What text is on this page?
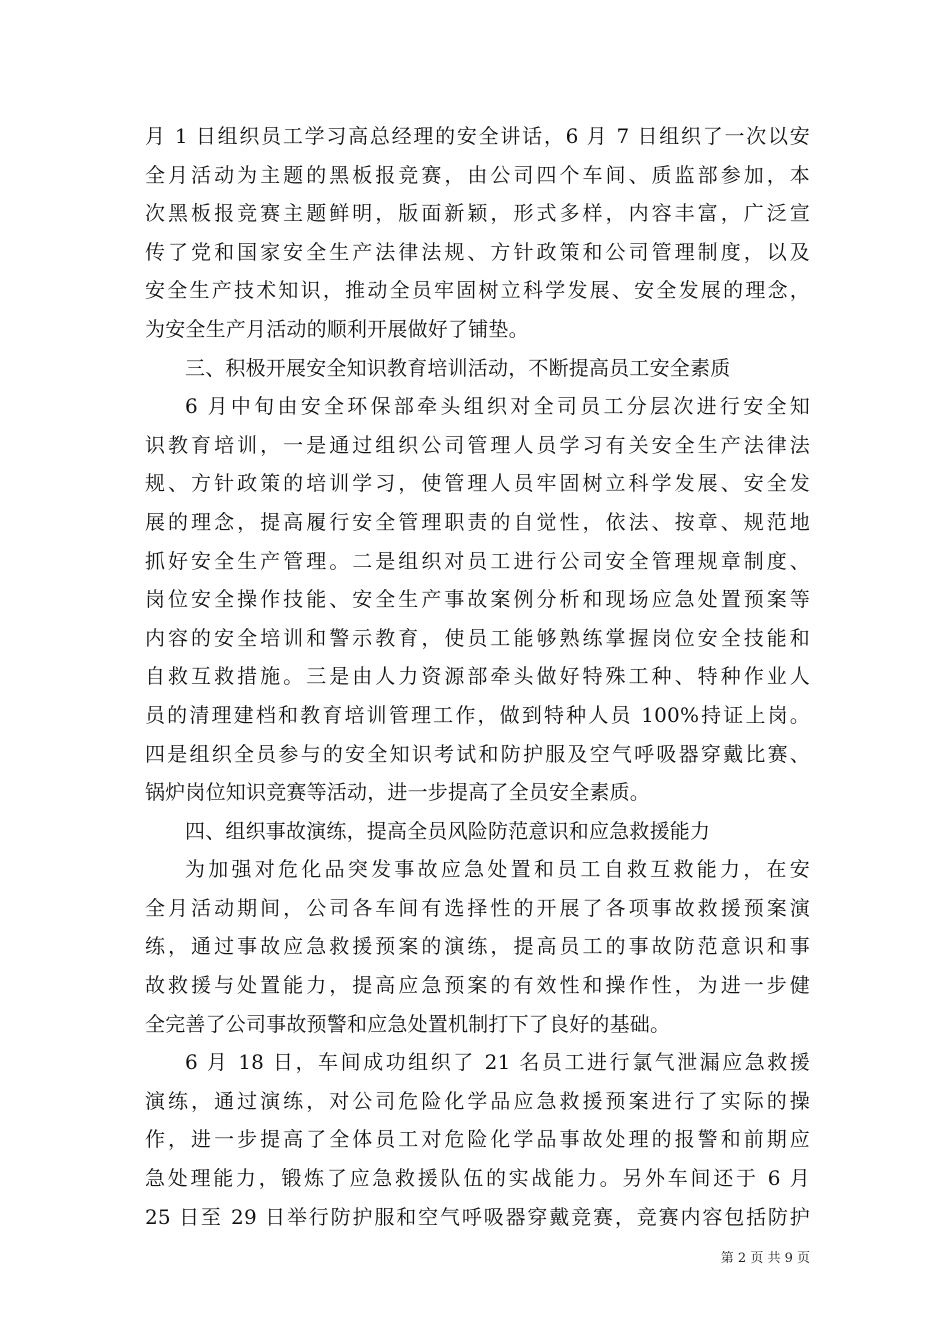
月 1 日组织员工学习高总经理的安全讲话，6 月 7 日组织了一次以安
全月活动为主题的黑板报竞赛，由公司四个车间、质监部参加，本
次黑板报竞赛主题鲜明，版面新颖，形式多样，内容丰富，广泛宣
传了党和国家安全生产法律法规、方针政策和公司管理制度，以及
安全生产技术知识，推动全员牢固树立科学发展、安全发展的理念，
为安全生产月活动的顺利开展做好了铺垫。
三、积极开展安全知识教育培训活动，不断提高员工安全素质
6 月中旬由安全环保部牵头组织对全司员工分层次进行安全知
识教育培训，一是通过组织公司管理人员学习有关安全生产法律法
规、方针政策的培训学习，使管理人员牢固树立科学发展、安全发
展的理念，提高履行安全管理职责的自觉性，依法、按章、规范地
抓好安全生产管理。二是组织对员工进行公司安全管理规章制度、
岗位安全操作技能、安全生产事故案例分析和现场应急处置预案等
内容的安全培训和警示教育，使员工能够熟练掌握岗位安全技能和
自救互救措施。三是由人力资源部牵头做好特殊工种、特种作业人
员的清理建档和教育培训管理工作，做到特种人员 100%持证上岗。
四是组织全员参与的安全知识考试和防护服及空气呼吸器穿戴比赛、
锅炉岗位知识竞赛等活动，进一步提高了全员安全素质。
四、组织事故演练，提高全员风险防范意识和应急救援能力
为加强对危化品突发事故应急处置和员工自救互救能力，在安
全月活动期间，公司各车间有选择性的开展了各项事故救援预案演
练，通过事故应急救援预案的演练，提高员工的事故防范意识和事
故救援与处置能力，提高应急预案的有效性和操作性，为进一步健
全完善了公司事故预警和应急处置机制打下了良好的基础。
6 月 18 日，车间成功组织了 21 名员工进行氯气泄漏应急救援
演练，通过演练，对公司危险化学品应急救援预案进行了实际的操
作，进一步提高了全体员工对危险化学品事故处理的报警和前期应
急处理能力，锻炼了应急救援队伍的实战能力。另外车间还于 6 月
25 日至 29 日举行防护服和空气呼吸器穿戴竞赛，竞赛内容包括防护
第 2 页 共 9 页
